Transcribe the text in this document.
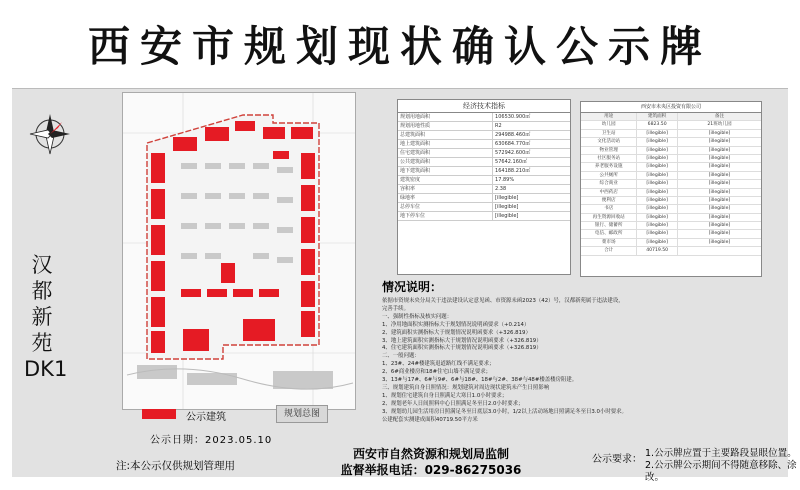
西安市规划现状确认公示牌
汉都新苑DK1
经济技术指标
规划用地面积	106530.900㎡
规划用地性质	R2
总建筑面积	294988.460㎡
地上建筑面积	630684.770㎡
住宅建筑面积	572942.600㎡
公共建筑面积	57642.160㎡
地下建筑面积	164188.210㎡
建筑密度	17.89%
容积率	2.38
绿地率	[illegible]
总停车位	[illegible]
地下停车位	[illegible]
西安市未央区投资有限公司
用途	建筑面积	备注
幼儿园	6823.50	21班幼儿园
卫生站	[illegible]	[illegible]
文化活动站	[illegible]	[illegible]
物业管理	[illegible]	[illegible]
社区服务站	[illegible]	[illegible]
养老服务设施	[illegible]	[illegible]
公共厕所	[illegible]	[illegible]
综合商业	[illegible]	[illegible]
中西药店	[illegible]	[illegible]
便利店	[illegible]	[illegible]
书店	[illegible]	[illegible]
再生资源回收站	[illegible]	[illegible]
银行、储蓄所	[illegible]	[illegible]
电信、邮政所	[illegible]	[illegible]
菜市场	[illegible]	[illegible]
合计	40719.50
情况说明：
依据市资规未央分局关于违法建设认定意见函、市资源未函2023（42）号，汉都新苑属于违法建设，
完善手续。
一、强制性指标及核实问题：
1、净用地面积实测指标大于规划情况说明函要求（+0.214）
2、建筑面积实测指标大于规划情况说明函要求（+326.819）
3、地上建筑面积实测指标大于规划情况说明函要求（+326.819）
4、住宅建筑面积实测指标大于规划情况说明函要求（+326.819）
二、一般问题：
1、23#、24#楼建筑退道路红线不满足要求；
2、6#商业楼房和18#住宅山墙不满足要求；
3、13#与17#、6#与9#、6#与18#、18#与2#、38#与48#楼盖楼房阻建。
三、规划建筑自身日照情况：规划建筑对周边现状建筑未产生日照影响
1、规划住宅建筑自身日照满足大寒日1.0小时要求；
2、规划老年人日间照料中心日照满足冬至日2.0小时要求；
3、规划幼儿园生活用房日照满足冬至日底层3.0小时，1/2以上活动场地日照满足冬至日3.0小时要求。
公建配套实测建成面积40719.50平方米
公示建筑	规划总图
公示日期：2023.05.10
西安市自然资源和规划局监制
监督举报电话：029-86275036
注:本公示仅供规划管理用
公示要求：
1.公示牌应置于主要路段显眼位置。
2.公示牌公示期间不得随意移除、涂改。
